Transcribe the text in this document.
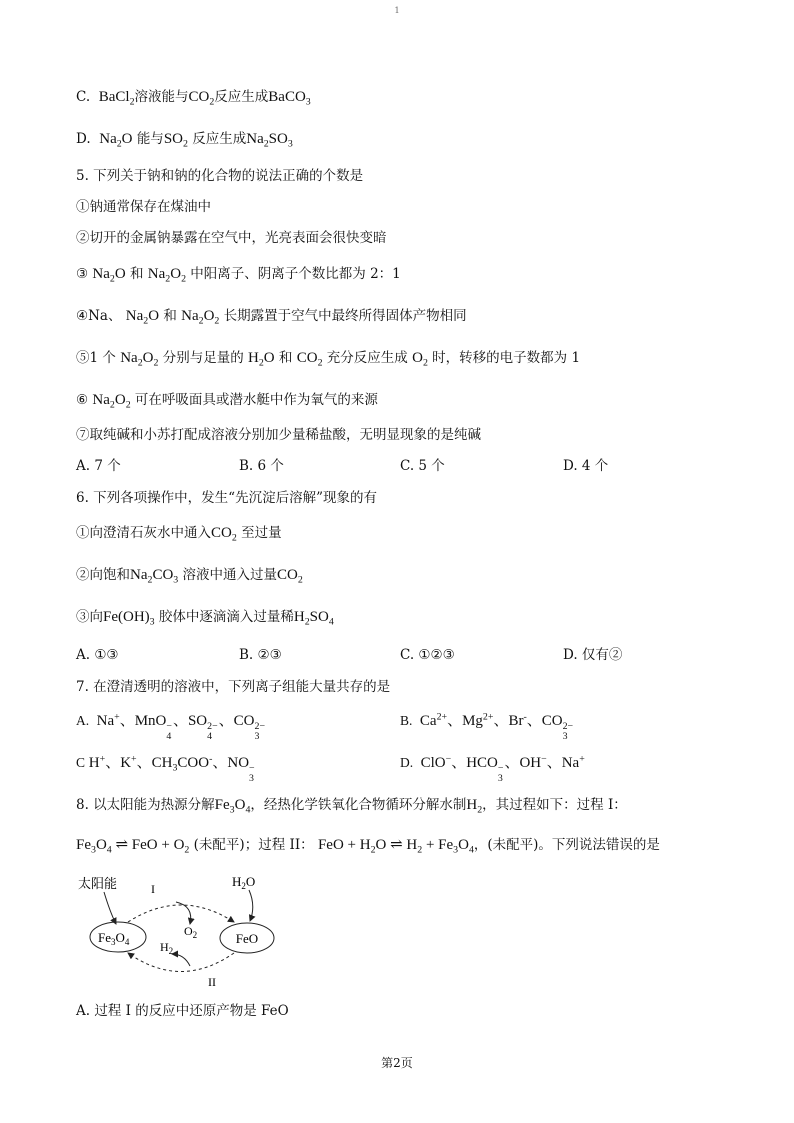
1
C. BaCl$_2$溶液能与$CO_2$反应生成BaCO$_3$
D. $Na_2O$ 能与$SO_2$ 反应生成$Na_2SO_3$
5. 下列关于钠和钠的化合物的说法正确的个数是
①钠通常保存在煤油中
②切开的金属钠暴露在空气中，光亮表面会很快变暗
③ $Na_2O$ 和 $Na_2O_2$ 中阳离子、阴离子个数比都为 2：1
④Na、 $Na_2O$ 和 $Na_2O_2$ 长期露置于空气中最终所得固体产物相同
⑤1 个 $Na_2O_2$ 分别与足量的 $H_2O$ 和 $CO_2$ 充分反应生成 $O_2$ 时，转移的电子数都为 1
⑥ $Na_2O_2$ 可在呼吸面具或潜水艇中作为氧气的来源
⑦取纯碱和小苏打配成溶液分别加少量稀盐酸，无明显现象的是纯碱
A. 7 个	B. 6 个	C. 5 个	D. 4 个
6. 下列各项操作中，发生“先沉淀后溶解”现象的有
①向澄清石灰水中通入$CO_2$ 至过量
②向饱和$Na_2CO_3$ 溶液中通入过量$CO_2$
③向$Fe(OH)_3$ 胶体中逐滴滴入过量稀$H_2SO_4$
A. ①③	B. ②③	C. ①②③	D. 仅有②
7. 在澄清透明的溶液中，下列离子组能大量共存的是
A.  Na+、MnO −
4
、SO 2−
4
、CO 2−
3
B.  $Ca^{2+}$、$Mg^{2+}$、Br-、CO 2−
3
C H+、K+、$CH_3COO^-$、NO −
3
D.  ClO−、HCO −
3
、OH−、Na+
8. 以太阳能为热源分解$Fe_3O_4$，经热化学铁氧化合物循环分解水制$H_2$，其过程如下：过程 I：
$Fe_3O_4$ ⇌ FeO + $O_2$ (未配平)；过程 II： FeO + $H_2O$ ⇌ $H_2 + Fe_3O_4$，(未配平)。下列说法错误的是
太阳能
$Fe_3O_4$	FeO
I
$O_2$
$H_2O$
$H_2$
II
A. 过程 I 的反应中还原产物是 FeO
第2页
